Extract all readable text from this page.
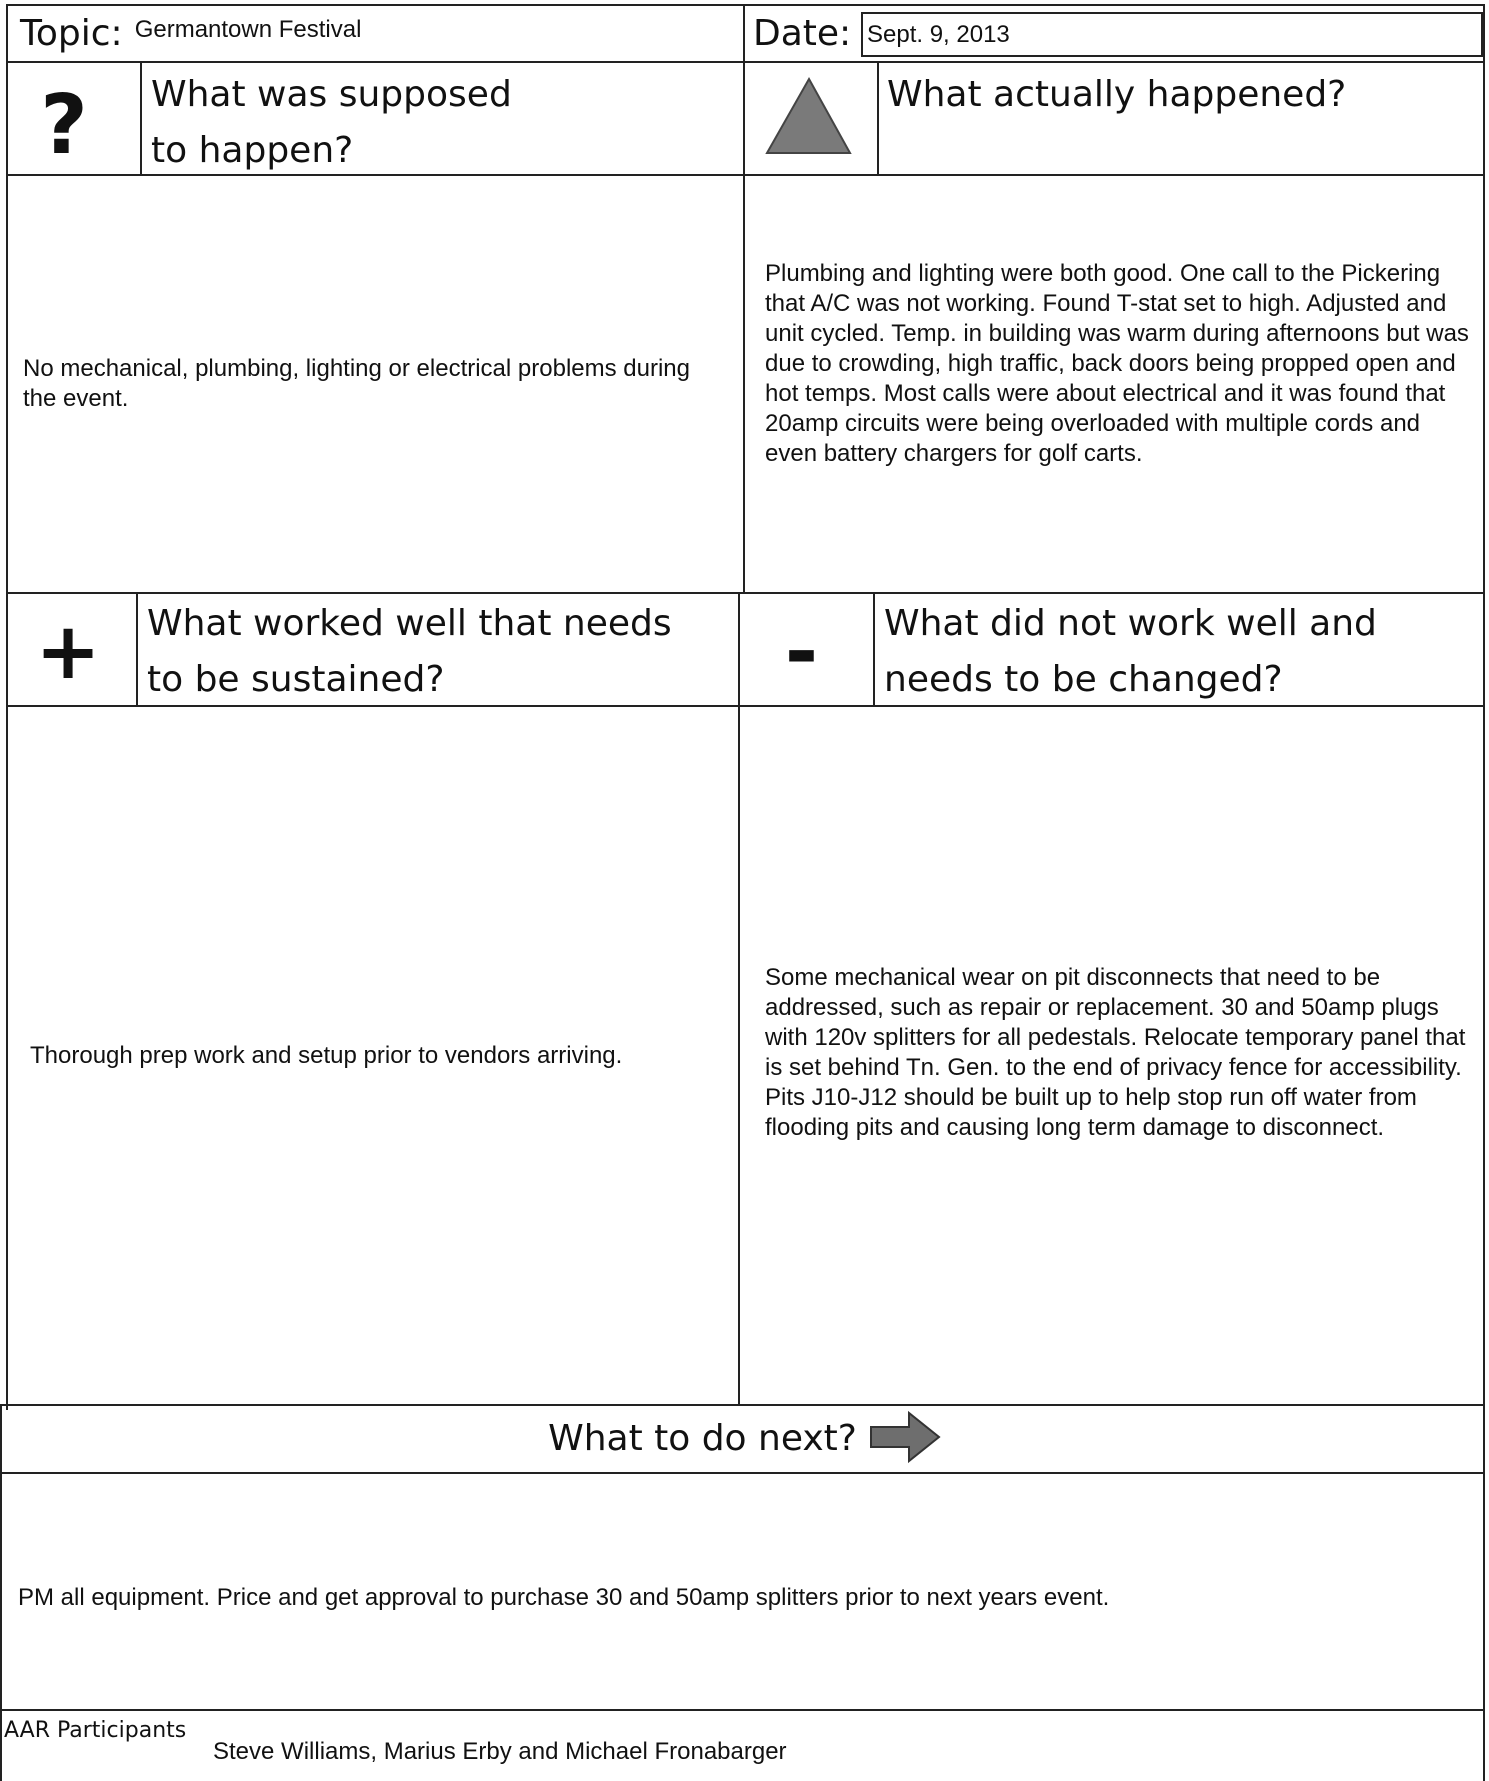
Topic: Germantown Festival	Date: Sept. 9, 2013
? What was supposed
to happen?
What actually happened?
No mechanical, plumbing, lighting or electrical problems during the event.
Plumbing and lighting were both good. One call to the Pickering that A/C was not working. Found T-stat set to high. Adjusted and unit cycled. Temp. in building was warm during afternoons but was due to crowding, high traffic, back doors being propped open and hot temps. Most calls were about electrical and it was found that 20amp circuits were being overloaded with multiple cords and even battery chargers for golf carts.
+ What worked well that needs
to be sustained?	- What did not work well and
needs to be changed?
Thorough prep work and setup prior to vendors arriving.
Some mechanical wear on pit disconnects that need to be addressed, such as repair or replacement. 30 and 50amp plugs with 120v splitters for all pedestals. Relocate temporary panel that is set behind Tn. Gen. to the end of privacy fence for accessibility. Pits J10-J12 should be built up to help stop run off water from flooding pits and causing long term damage to disconnect.
What to do next?
PM all equipment. Price and get approval to purchase 30 and 50amp splitters prior to next years event.
AAR Participants
Steve Williams, Marius Erby and Michael Fronabarger
